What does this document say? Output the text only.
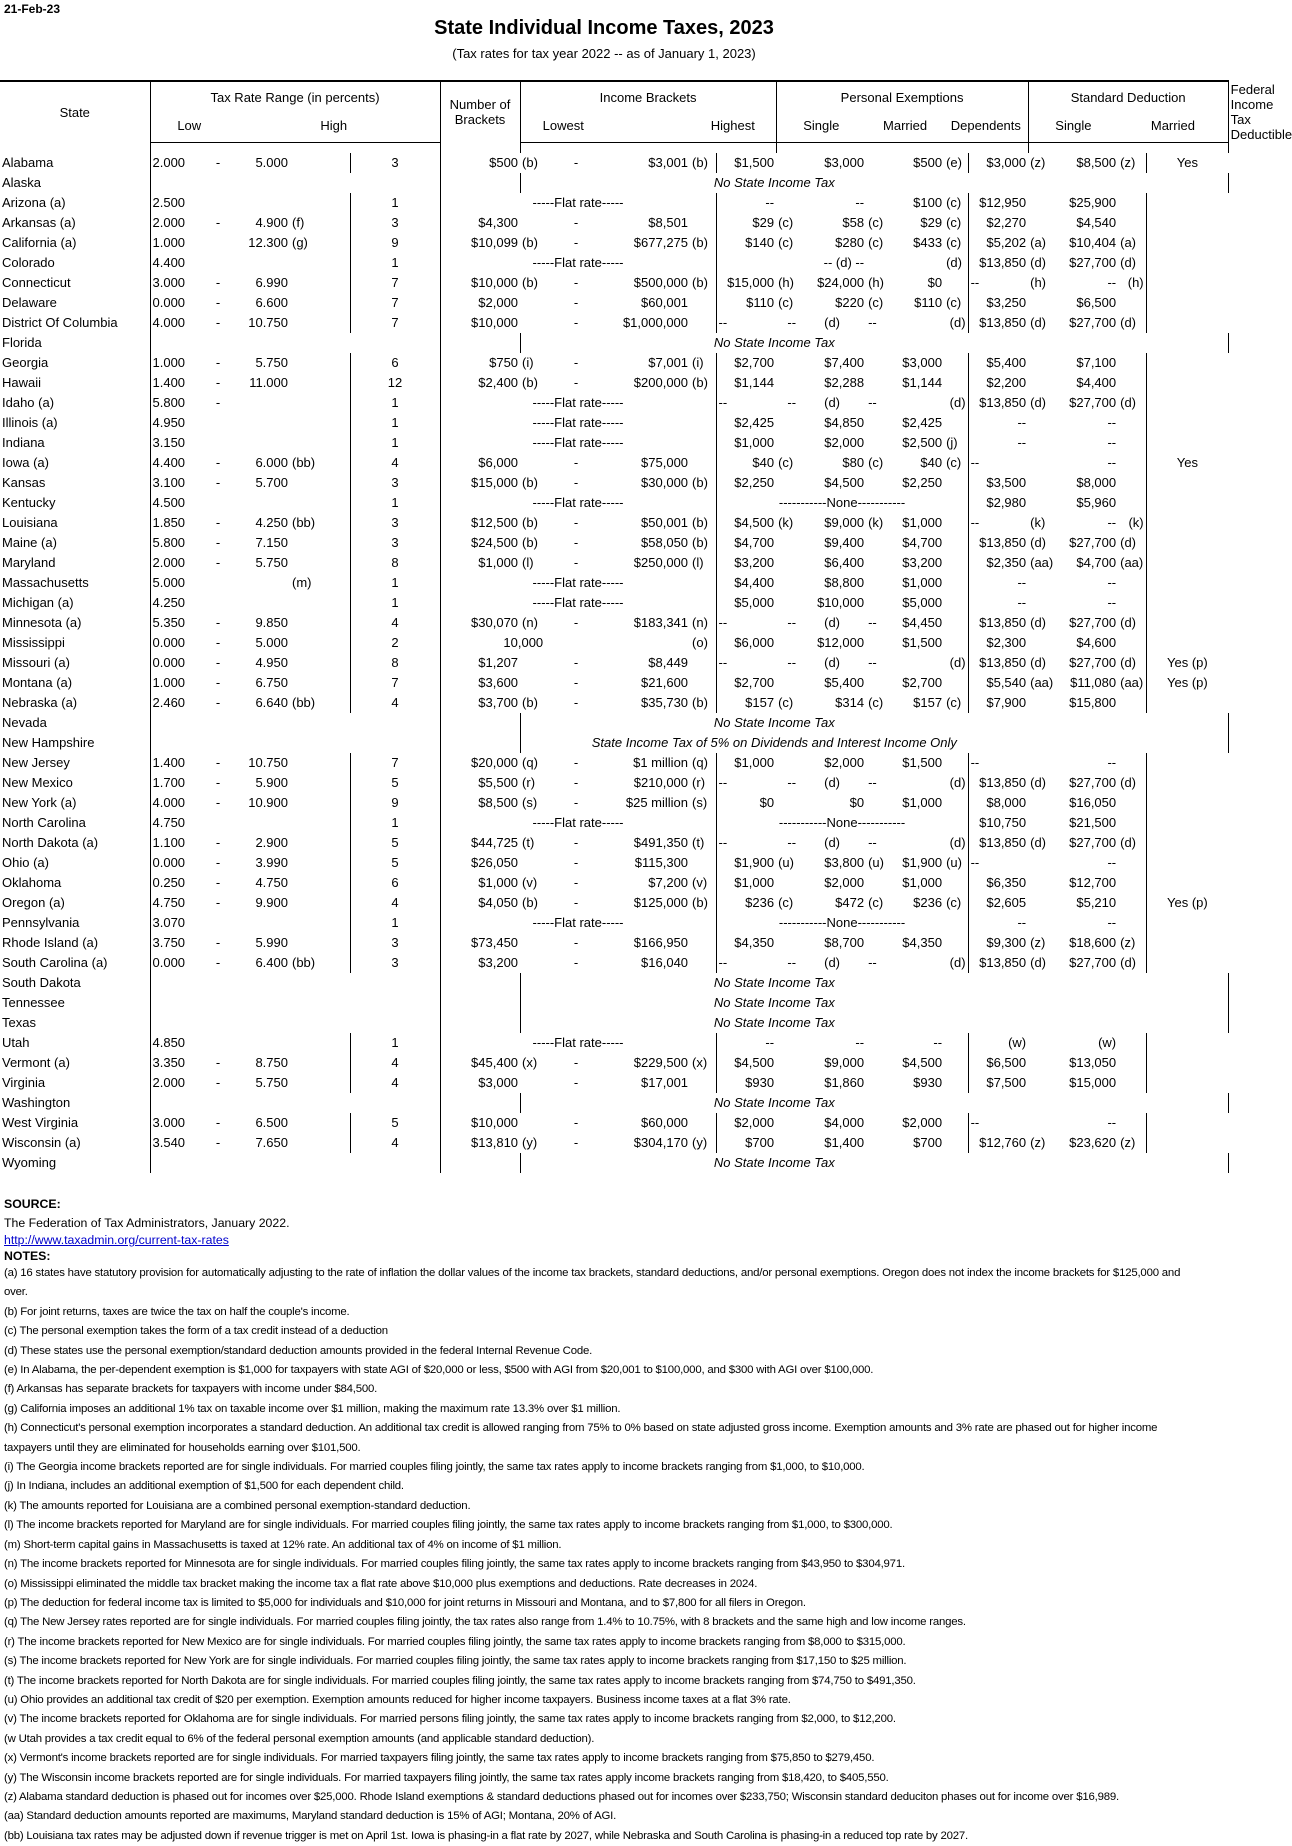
21-Feb-23
State Individual Income Taxes, 2023
(Tax rates for tax year 2022 -- as of January 1, 2023)
State	Tax Rate Range (in percents)					Number of Brackets	Income Brackets					Personal Exemptions						Standard Deduction				Federal Income Tax Deductible
	Low		High				Lowest			Highest		Single		Married		Dependents		Single		Married		

Alabama	2.000	-	5.000		3	$500	(b)	-	$3,001	(b)	$1,500		$3,000		$500	(e)	$3,000	(z)	$8,500	(z)	Yes	
Alaska							No State Income Tax															
Arizona (a)	2.500				1	-----Flat rate-----					--		--		$100	(c)	$12,950		$25,900			
Arkansas (a)	2.000	-	4.900	(f)	3	$4,300		-	$8,501		$29	(c)	$58	(c)	$29	(c)	$2,270		$4,540			
California (a)	1.000		12.300	(g)	9	$10,099	(b)	-	$677,275	(b)	$140	(c)	$280	(c)	$433	(c)	$5,202	(a)	$10,404	(a)		
Colorado	4.400				1	-----Flat rate-----							-- (d) --			(d)	$13,850	(d)	$27,700	(d)		
Connecticut	3.000	-	6.990		7	$10,000	(b)	-	$500,000	(b)	$15,000	(h)	$24,000	(h)	$0		--	(h)	--	(h)		
Delaware	0.000	-	6.600		7	$2,000		-	$60,001		$110	(c)	$220	(c)	$110	(c)	$3,250		$6,500			
District Of Columbia	4.000	-	10.750		7	$10,000		-	$1,000,000		--	--	(d)	--		(d)	$13,850	(d)	$27,700	(d)		
Florida							No State Income Tax															
Georgia	1.000	-	5.750		6	$750	(i)	-	$7,001	(i)	$2,700		$7,400		$3,000		$5,400		$7,100			
Hawaii	1.400	-	11.000		12	$2,400	(b)	-	$200,000	(b)	$1,144		$2,288		$1,144		$2,200		$4,400			
Idaho (a)	5.800	-			1	-----Flat rate-----					--	--	(d)	--		(d)	$13,850	(d)	$27,700	(d)		
Illinois (a)	4.950				1	-----Flat rate-----					$2,425		$4,850		$2,425		--		--			
Indiana	3.150				1	-----Flat rate-----					$1,000		$2,000		$2,500	(j)	--		--			
Iowa (a)	4.400	-	6.000	(bb)	4	$6,000		-	$75,000		$40	(c)	$80	(c)	$40	(c)	--		--		Yes	
Kansas	3.100	-	5.700		3	$15,000	(b)	-	$30,000	(b)	$2,250		$4,500		$2,250		$3,500		$8,000			
Kentucky	4.500				1	-----Flat rate-----					-----------None-----------						$2,980		$5,960			
Louisiana	1.850	-	4.250	(bb)	3	$12,500	(b)	-	$50,001	(b)	$4,500	(k)	$9,000	(k)	$1,000		--	(k)	--	(k)		
Maine (a)	5.800	-	7.150		3	$24,500	(b)	-	$58,050	(b)	$4,700		$9,400		$4,700		$13,850	(d)	$27,700	(d)		
Maryland	2.000	-	5.750		8	$1,000	(l)	-	$250,000	(l)	$3,200		$6,400		$3,200		$2,350	(aa)	$4,700	(aa)		
Massachusetts	5.000			(m)	1	-----Flat rate-----					$4,400		$8,800		$1,000		--		--			
Michigan (a)	4.250				1	-----Flat rate-----					$5,000		$10,000		$5,000		--		--			
Minnesota (a)	5.350	-	9.850		4	$30,070	(n)	-	$183,341	(n)	--	--	(d)	--	$4,450		$13,850	(d)	$27,700	(d)		
Mississippi	0.000	-	5.000		2	10,000				(o)	$6,000		$12,000		$1,500		$2,300		$4,600			
Missouri (a)	0.000	-	4.950		8	$1,207		-	$8,449		--	--	(d)	--		(d)	$13,850	(d)	$27,700	(d)	Yes (p)	
Montana (a)	1.000	-	6.750		7	$3,600		-	$21,600		$2,700		$5,400		$2,700		$5,540	(aa)	$11,080	(aa)	Yes (p)	
Nebraska (a)	2.460	-	6.640	(bb)	4	$3,700	(b)	-	$35,730	(b)	$157	(c)	$314	(c)	$157	(c)	$7,900		$15,800			
Nevada							No State Income Tax															
New Hampshire							State Income Tax of 5% on Dividends and Interest Income Only															
New Jersey	1.400	-	10.750		7	$20,000	(q)	-	$1 million	(q)	$1,000		$2,000		$1,500		--		--			
New Mexico	1.700	-	5.900		5	$5,500	(r)	-	$210,000	(r)	--	--	(d)	--		(d)	$13,850	(d)	$27,700	(d)		
New York (a)	4.000	-	10.900		9	$8,500	(s)	-	$25 million	(s)	$0		$0		$1,000		$8,000		$16,050			
North Carolina	4.750				1	-----Flat rate-----					-----------None-----------						$10,750		$21,500			
North Dakota (a)	1.100	-	2.900		5	$44,725	(t)	-	$491,350	(t)	--	--	(d)	--		(d)	$13,850	(d)	$27,700	(d)		
Ohio (a)	0.000	-	3.990		5	$26,050		-	$115,300		$1,900	(u)	$3,800	(u)	$1,900	(u)	--		--			
Oklahoma	0.250	-	4.750		6	$1,000	(v)	-	$7,200	(v)	$1,000		$2,000		$1,000		$6,350		$12,700			
Oregon (a)	4.750	-	9.900		4	$4,050	(b)	-	$125,000	(b)	$236	(c)	$472	(c)	$236	(c)	$2,605		$5,210		Yes (p)	
Pennsylvania	3.070				1	-----Flat rate-----					-----------None-----------						--		--			
Rhode Island (a)	3.750	-	5.990		3	$73,450		-	$166,950		$4,350		$8,700		$4,350		$9,300	(z)	$18,600	(z)		
South Carolina (a)	0.000	-	6.400	(bb)	3	$3,200		-	$16,040		--	--	(d)	--		(d)	$13,850	(d)	$27,700	(d)		
South Dakota							No State Income Tax															
Tennessee							No State Income Tax															
Texas							No State Income Tax															
Utah	4.850				1	-----Flat rate-----					--		--		--		(w)		(w)			
Vermont (a)	3.350	-	8.750		4	$45,400	(x)	-	$229,500	(x)	$4,500		$9,000		$4,500		$6,500		$13,050			
Virginia	2.000	-	5.750		4	$3,000		-	$17,001		$930		$1,860		$930		$7,500		$15,000			
Washington							No State Income Tax															
West Virginia	3.000	-	6.500		5	$10,000		-	$60,000		$2,000		$4,000		$2,000		--		--			
Wisconsin (a)	3.540	-	7.650		4	$13,810	(y)	-	$304,170	(y)	$700		$1,400		$700		$12,760	(z)	$23,620	(z)		
Wyoming							No State Income Tax															
SOURCE:
The Federation of Tax Administrators, January 2022.
http://www.taxadmin.org/current-tax-rates
NOTES:
(a) 16 states have statutory provision for automatically adjusting to the rate of inflation the dollar values of the income tax brackets, standard deductions, and/or personal exemptions. Oregon does not index the income brackets for $125,000 and over.
(b) For joint returns, taxes are twice the tax on half the couple's income.
(c) The personal exemption takes the form of a tax credit instead of a deduction
(d) These states use the personal exemption/standard deduction amounts provided in the federal Internal Revenue Code.
(e) In Alabama, the per-dependent exemption is $1,000 for taxpayers with state AGI of $20,000 or less, $500 with AGI from $20,001 to $100,000, and $300 with AGI over $100,000.
(f) Arkansas has separate brackets for taxpayers with income under $84,500.
(g) California imposes an additional 1% tax on taxable income over $1 million, making the maximum rate 13.3% over $1 million.
(h) Connecticut's personal exemption incorporates a standard deduction. An additional tax credit is allowed ranging from 75% to 0% based on state adjusted gross income. Exemption amounts and 3% rate are phased out for higher income taxpayers until they are eliminated for households earning over $101,500.
(i) The Georgia income brackets reported are for single individuals. For married couples filing jointly, the same tax rates apply to income brackets ranging from $1,000, to $10,000.
(j) In Indiana, includes an additional exemption of $1,500 for each dependent child.
(k) The amounts reported for Louisiana are a combined personal exemption-standard deduction.
(l) The income brackets reported for Maryland are for single individuals. For married couples filing jointly, the same tax rates apply to income brackets ranging from $1,000, to $300,000.
(m) Short-term capital gains in Massachusetts is taxed at 12% rate. An additional tax of 4% on income of $1 million.
(n) The income brackets reported for Minnesota are for single individuals. For married couples filing jointly, the same tax rates apply to income brackets ranging from $43,950 to $304,971.
(o) Mississippi eliminated the middle tax bracket making the income tax a flat rate above $10,000 plus exemptions and deductions. Rate decreases in 2024.
(p) The deduction for federal income tax is limited to $5,000 for individuals and $10,000 for joint returns in Missouri and Montana, and to $7,800 for all filers in Oregon.
(q) The New Jersey rates reported are for single individuals. For married couples filing jointly, the tax rates also range from 1.4% to 10.75%, with 8 brackets and the same high and low income ranges.
(r) The income brackets reported for New Mexico are for single individuals. For married couples filing jointly, the same tax rates apply to income brackets ranging from $8,000 to $315,000.
(s) The income brackets reported for New York are for single individuals. For married couples filing jointly, the same tax rates apply to income brackets ranging from $17,150 to $25 million.
(t) The income brackets reported for North Dakota are for single individuals. For married couples filing jointly, the same tax rates apply to income brackets ranging from $74,750 to $491,350.
(u) Ohio provides an additional tax credit of $20 per exemption. Exemption amounts reduced for higher income taxpayers. Business income taxes at a flat 3% rate.
(v) The income brackets reported for Oklahoma are for single individuals. For married persons filing jointly, the same tax rates apply to income brackets ranging from $2,000, to $12,200.
(w Utah provides a tax credit equal to 6% of the federal personal exemption amounts (and applicable standard deduction).
(x) Vermont's income brackets reported are for single individuals. For married taxpayers filing jointly, the same tax rates apply to income brackets ranging from $75,850 to $279,450.
(y) The Wisconsin income brackets reported are for single individuals. For married taxpayers filing jointly, the same tax rates apply income brackets ranging from $18,420, to $405,550.
(z) Alabama standard deduction is phased out for incomes over $25,000. Rhode Island exemptions & standard deductions phased out for incomes over $233,750; Wisconsin standard deduciton phases out for income over $16,989.
(aa) Standard deduction amounts reported are maximums, Maryland standard deduction is 15% of AGI; Montana, 20% of AGI.
(bb) Louisiana tax rates may be adjusted down if revenue trigger is met on April 1st. Iowa is phasing-in a flat rate by 2027, while Nebraska and South Carolina is phasing-in a reduced top rate by 2027.
